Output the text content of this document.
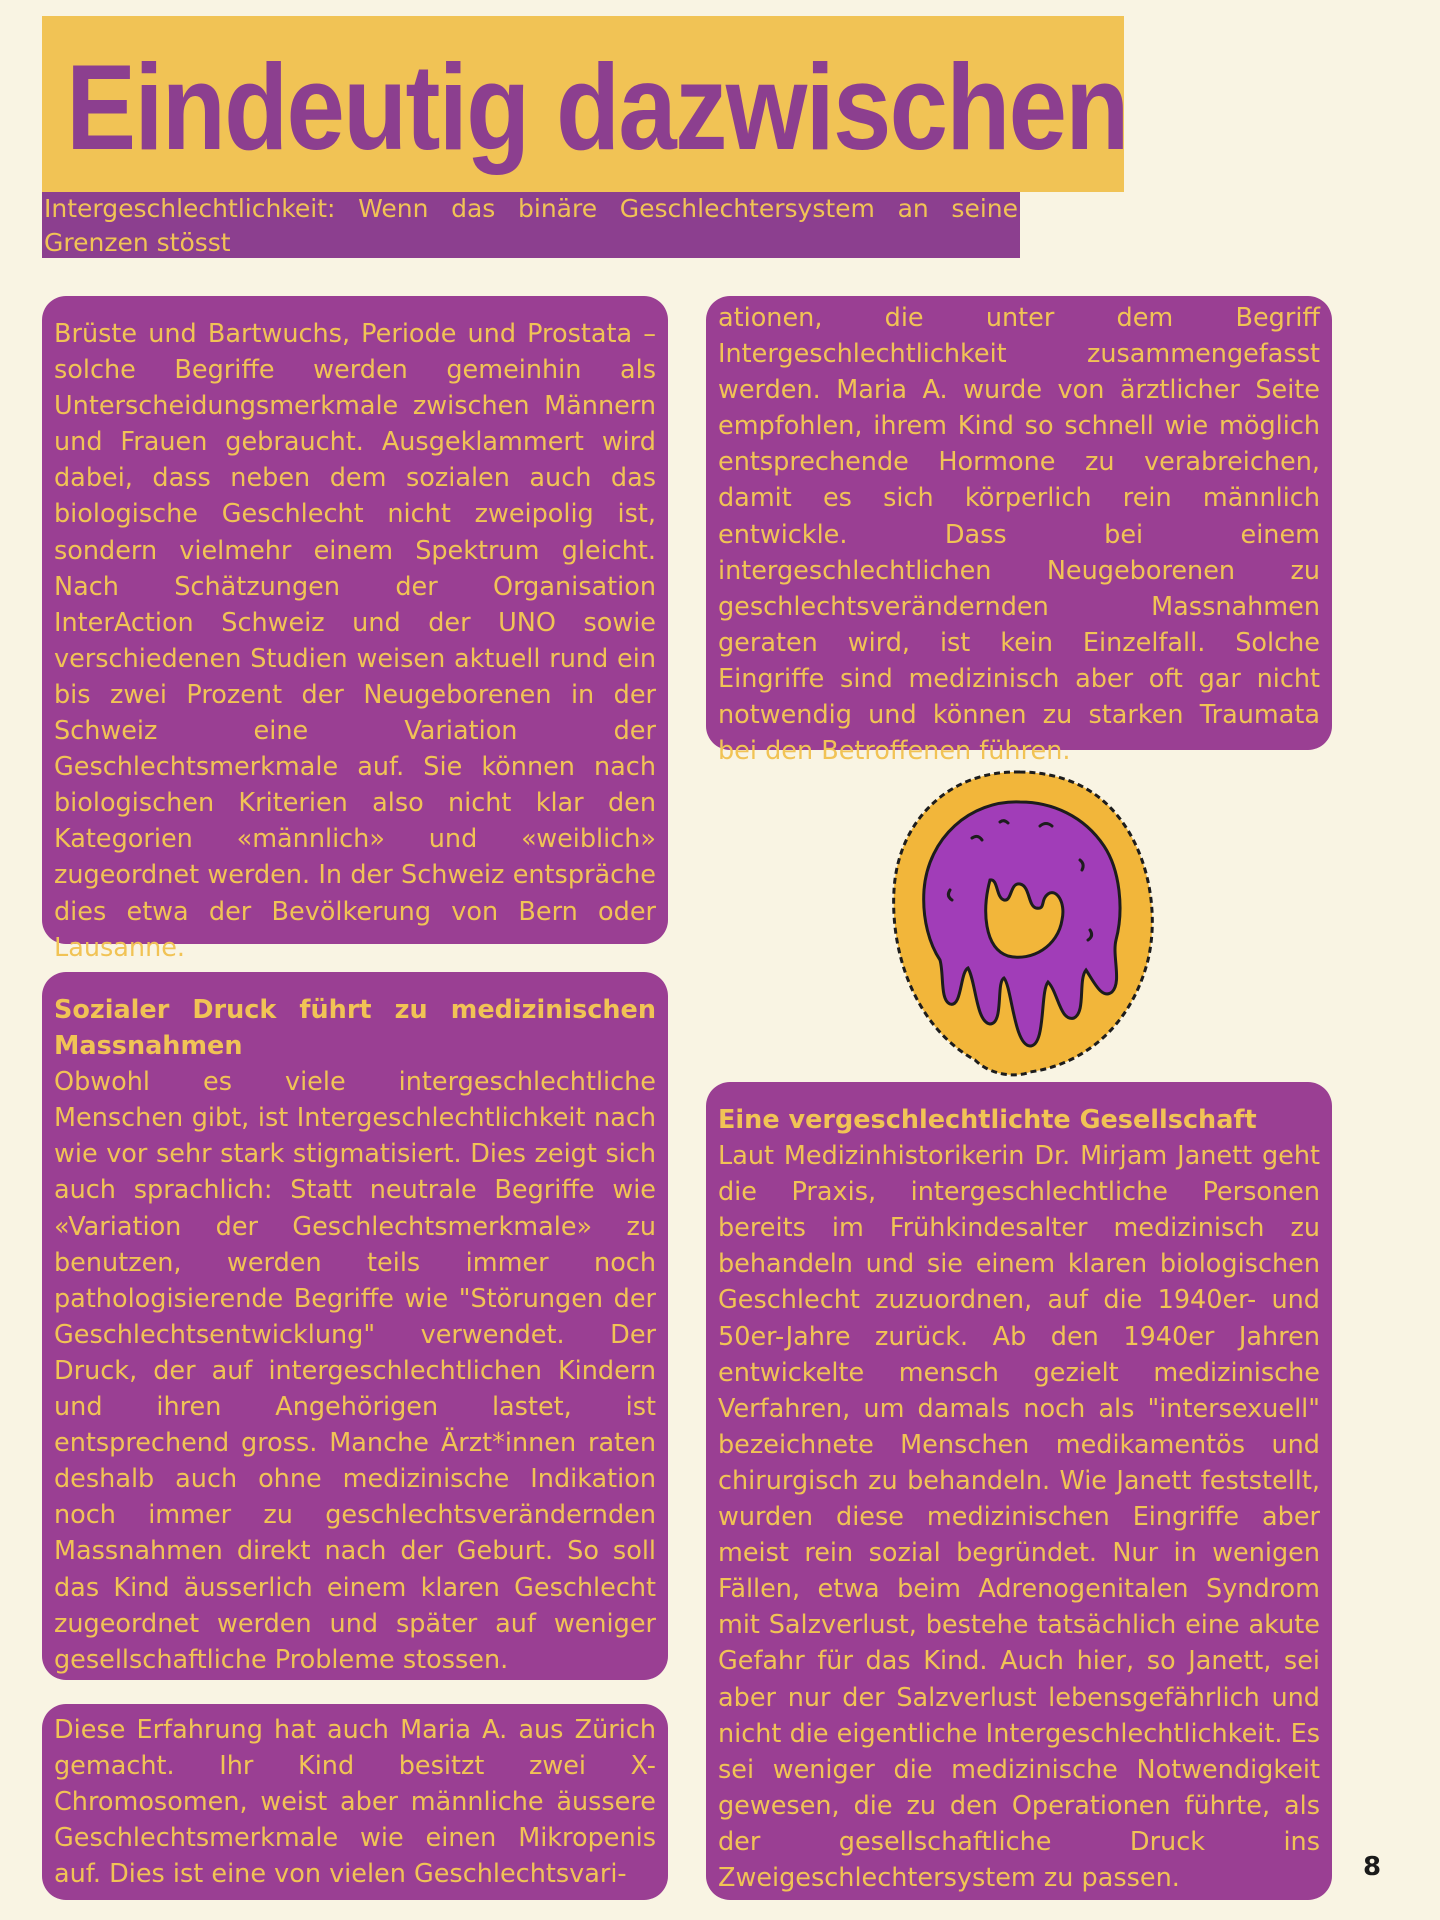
Eindeutig dazwischen

Intergeschlechtlichkeit: Wenn das binäre Geschlechtersystem an seine Grenzen stösst

Brüste und Bartwuchs, Periode und Prostata – solche Begriffe werden gemeinhin als Unterscheidungsmerkmale zwischen Männern und Frauen gebraucht. Ausgeklammert wird dabei, dass neben dem sozialen auch das biologische Geschlecht nicht zweipolig ist, sondern vielmehr einem Spektrum gleicht. Nach Schätzungen der Organisation InterAction Schweiz und der UNO sowie verschiedenen Studien weisen aktuell rund ein bis zwei Prozent der Neugeborenen in der Schweiz eine Variation der Geschlechtsmerkmale auf. Sie können nach biologischen Kriterien also nicht klar den Kategorien «männlich» und «weiblich» zugeordnet werden. In der Schweiz entspräche dies etwa der Bevölkerung von Bern oder Lausanne.

ationen, die unter dem Begriff Intergeschlechtlichkeit zusammengefasst werden. Maria A. wurde von ärztlicher Seite empfohlen, ihrem Kind so schnell wie möglich entsprechende Hormone zu verabreichen, damit es sich körperlich rein männlich entwickle. Dass bei einem intergeschlechtlichen Neugeborenen zu geschlechtsverändernden Massnahmen geraten wird, ist kein Einzelfall. Solche Eingriffe sind medizinisch aber oft gar nicht notwendig und können zu starken Traumata bei den Betroffenen führen.

Sozialer Druck führt zu medizinischen Massnahmen

Obwohl es viele intergeschlechtliche Menschen gibt, ist Intergeschlechtlichkeit nach wie vor sehr stark stigmatisiert. Dies zeigt sich auch sprachlich: Statt neutrale Begriffe wie «Variation der Geschlechtsmerkmale» zu benutzen, werden teils immer noch pathologisierende Begriffe wie "Störungen der Geschlechtsentwicklung" verwendet. Der Druck, der auf intergeschlechtlichen Kindern und ihren Angehörigen lastet, ist entsprechend gross. Manche Ärzt*innen raten deshalb auch ohne medizinische Indikation noch immer zu geschlechtsverändernden Massnahmen direkt nach der Geburt. So soll das Kind äusserlich einem klaren Geschlecht zugeordnet werden und später auf weniger gesellschaftliche Probleme stossen.

Diese Erfahrung hat auch Maria A. aus Zürich gemacht. Ihr Kind besitzt zwei X-Chromosomen, weist aber männliche äussere Geschlechtsmerkmale wie einen Mikropenis auf. Dies ist eine von vielen Geschlechtsvari-

Eine vergeschlechtlichte Gesellschaft

Laut Medizinhistorikerin Dr. Mirjam Janett geht die Praxis, intergeschlechtliche Personen bereits im Frühkindesalter medizinisch zu behandeln und sie einem klaren biologischen Geschlecht zuzuordnen, auf die 1940er- und 50er-Jahre zurück. Ab den 1940er Jahren entwickelte mensch gezielt medizinische Verfahren, um damals noch als "intersexuell" bezeichnete Menschen medikamentös und chirurgisch zu behandeln. Wie Janett feststellt, wurden diese medizinischen Eingriffe aber meist rein sozial begründet. Nur in wenigen Fällen, etwa beim Adrenogenitalen Syndrom mit Salzverlust, bestehe tatsächlich eine akute Gefahr für das Kind. Auch hier, so Janett, sei aber nur der Salzverlust lebensgefährlich und nicht die eigentliche Intergeschlechtlichkeit. Es sei weniger die medizinische Notwendigkeit gewesen, die zu den Operationen führte, als der gesellschaftliche Druck ins Zweigeschlechtersystem zu passen.	8
